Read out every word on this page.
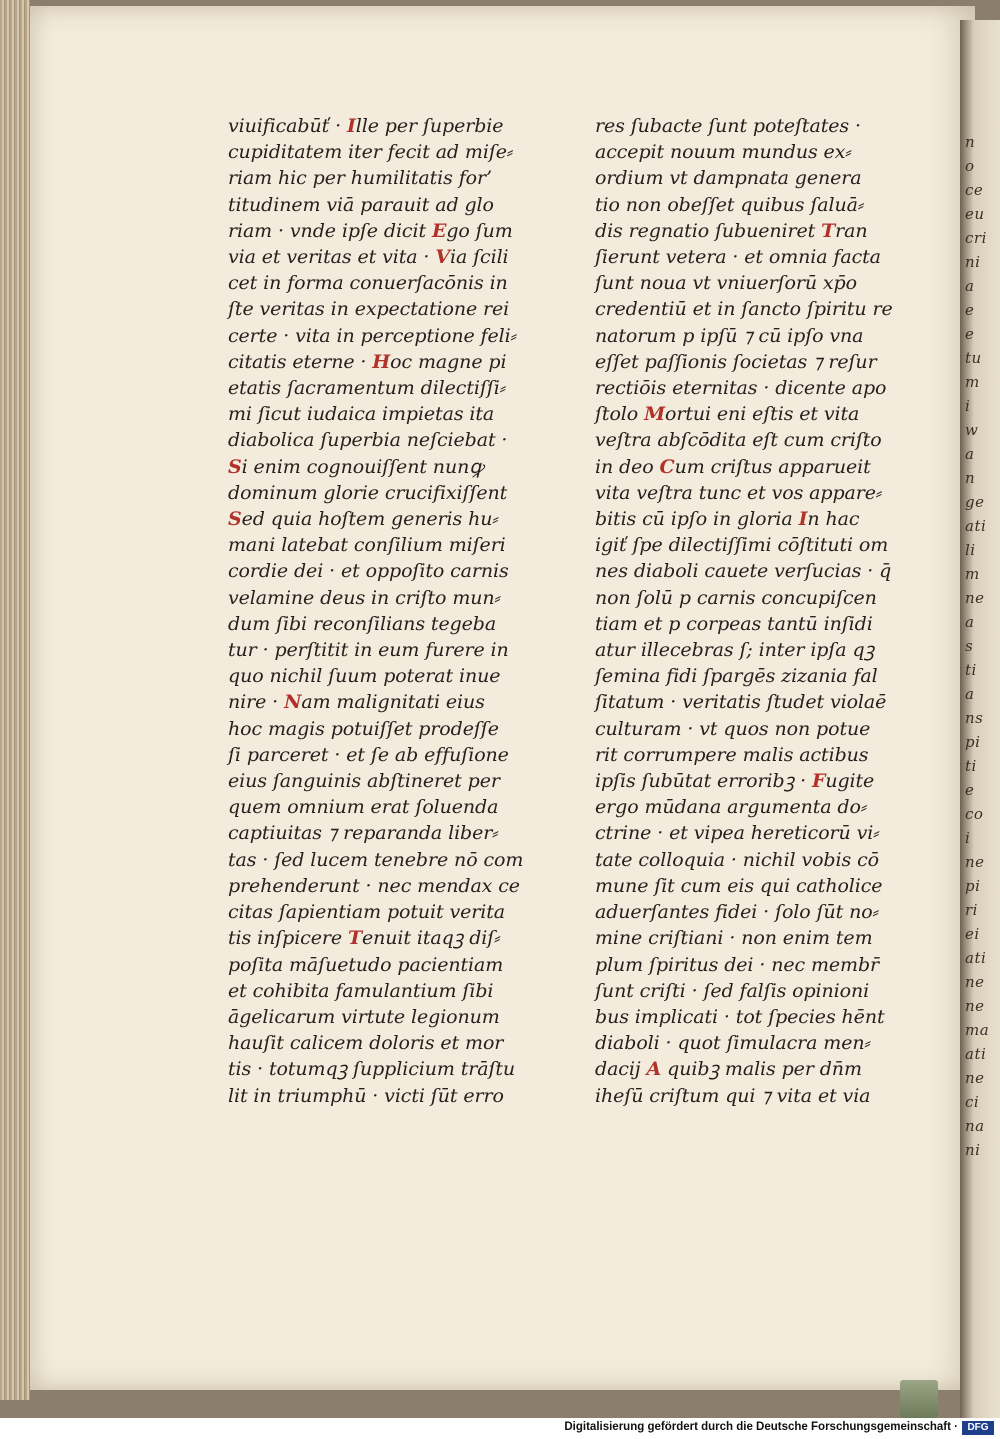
n
o
ce
eu
cri
ni
a
e
e
tu
m
i
w
a
n
ge
ati
li
m
ne
a
s
ti
a
ns
pi
ti
e
co
i
ne
pi
ri
ei
ati
ne
ne
ma
ati
ne
ci
na
ni
viuificabūť · Ille per ſuperbie
cupiditatem iter fecit ad miſe⸗
riam hic per humilitatis for’
titudinem viā parauit ad glo
riam · vnde ipſe dicit Ego ſum
via et veritas et vita · Via ſcili
cet in forma conuerſacōnis in
ſte veritas in expectatione rei
certe · vita in perceptione feli⸗
citatis eterne · Hoc magne pi
etatis ſacramentum dilectiſſi⸗
mi ſicut iudaica impietas ita
diabolica ſuperbia neſciebat ·
Si enim cognouiſſent nunꝙ
dominum glorie crucifixiſſent
Sed quia hoſtem generis hu⸗
mani latebat conſilium miſeri
cordie dei · et oppoſito carnis
velamine deus in criſto mun⸗
dum ſibi reconſilians tegeba
tur · perſtitit in eum furere in
quo nichil ſuum poterat inue
nire · Nam malignitati eius
hoc magis potuiſſet prodeſſe
ſi parceret · et ſe ab effuſione
eius ſanguinis abſtineret per
quem omnium erat ſoluenda
captiuitas ⁊ reparanda liber⸗
tas · ſed lucem tenebre nō com
prehenderunt · nec mendax ce
citas ſapientiam potuit verita
tis inſpicere Tenuit itaqꝫ diſ⸗
poſita māſuetudo pacientiam
et cohibita famulantium ſibi
āgelicarum virtute legionum
hauſit calicem doloris et mor
tis · totumqꝫ ſupplicium trāſtu
lit in triumphū · victi ſūt erro
res ſubacte ſunt poteſtates ·
accepit nouum mundus ex⸗
ordium vt dampnata genera
tio non obeſſet quibus ſaluā⸗
dis regnatio ſubueniret Tran
ſierunt vetera · et omnia facta
ſunt noua vt vniuerſorū xp̄o
credentiū et in ſancto ſpiritu re
natorum p ipſū ⁊ cū ipſo vna
eſſet paſſionis ſocietas ⁊ reſur
rectiōis eternitas · dicente apo
ſtolo Mortui eni eſtis et vita
veſtra abſcōdita eſt cum criſto
in deo Cum criſtus apparueit
vita veſtra tunc et vos appare⸗
bitis cū ipſo in gloria In hac
igiť ſpe dilectiſſimi cōſtituti om
nes diaboli cauete verſucias · q̄
non ſolū p carnis concupiſcen
tiam et p corpeas tantū inſidi
atur illecebras ſ; inter ipſa qꝫ
ſemina fidi ſpargēs zizania fal
ſitatum · veritatis ſtudet violaē
culturam · vt quos non potue
rit corrumpere malis actibus
ipſis ſubūtat erroribꝫ · Fugite
ergo mūdana argumenta do⸗
ctrine · et vipea hereticorū vi⸗
tate colloquia · nichil vobis cō
mune ſit cum eis qui catholice
aduerſantes fidei · ſolo ſūt no⸗
mine criſtiani · non enim tem
plum ſpiritus dei · nec membr̄
ſunt criſti · ſed falſis opinioni
bus implicati · tot ſpecies hēnt
diaboli · quot ſimulacra men⸗
dacij A quibꝫ malis per dn̄m
iheſū criſtum qui ⁊ vita et via
Digitalisierung gefördert durch die Deutsche Forschungsgemeinschaft · DFG
